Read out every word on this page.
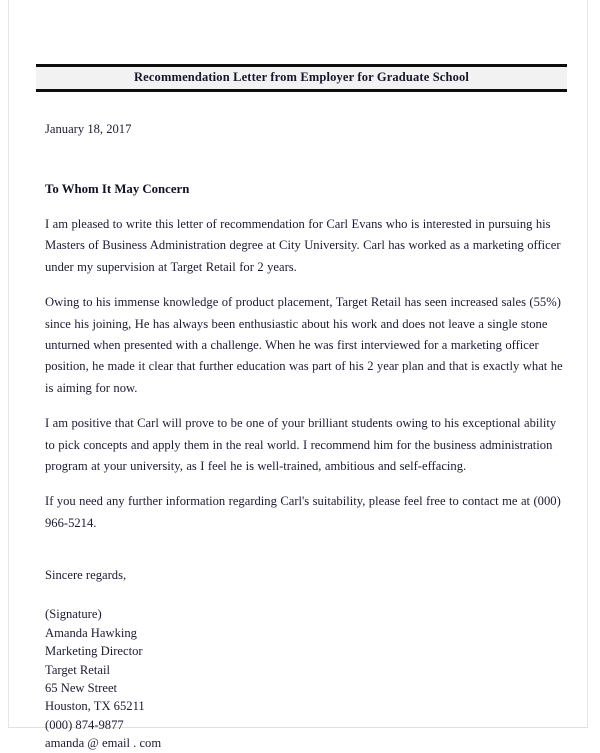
Recommendation Letter from Employer for Graduate School

January 18, 2017

To Whom It May Concern

I am pleased to write this letter of recommendation for Carl Evans who is interested in pursuing his Masters of Business Administration degree at City University. Carl has worked as a marketing officer under my supervision at Target Retail for 2 years.

Owing to his immense knowledge of product placement, Target Retail has seen increased sales (55%) since his joining, He has always been enthusiastic about his work and does not leave a single stone unturned when presented with a challenge. When he was first interviewed for a marketing officer position, he made it clear that further education was part of his 2 year plan and that is exactly what he is aiming for now.

I am positive that Carl will prove to be one of your brilliant students owing to his exceptional ability to pick concepts and apply them in the real world. I recommend him for the business administration program at your university, as I feel he is well-trained, ambitious and self-effacing.

If you need any further information regarding Carl's suitability, please feel free to contact me at (000) 966-5214.

Sincere regards,

(Signature)
Amanda Hawking
Marketing Director
Target Retail
65 New Street
Houston, TX 65211
(000) 874-9877
amanda @ email . com
